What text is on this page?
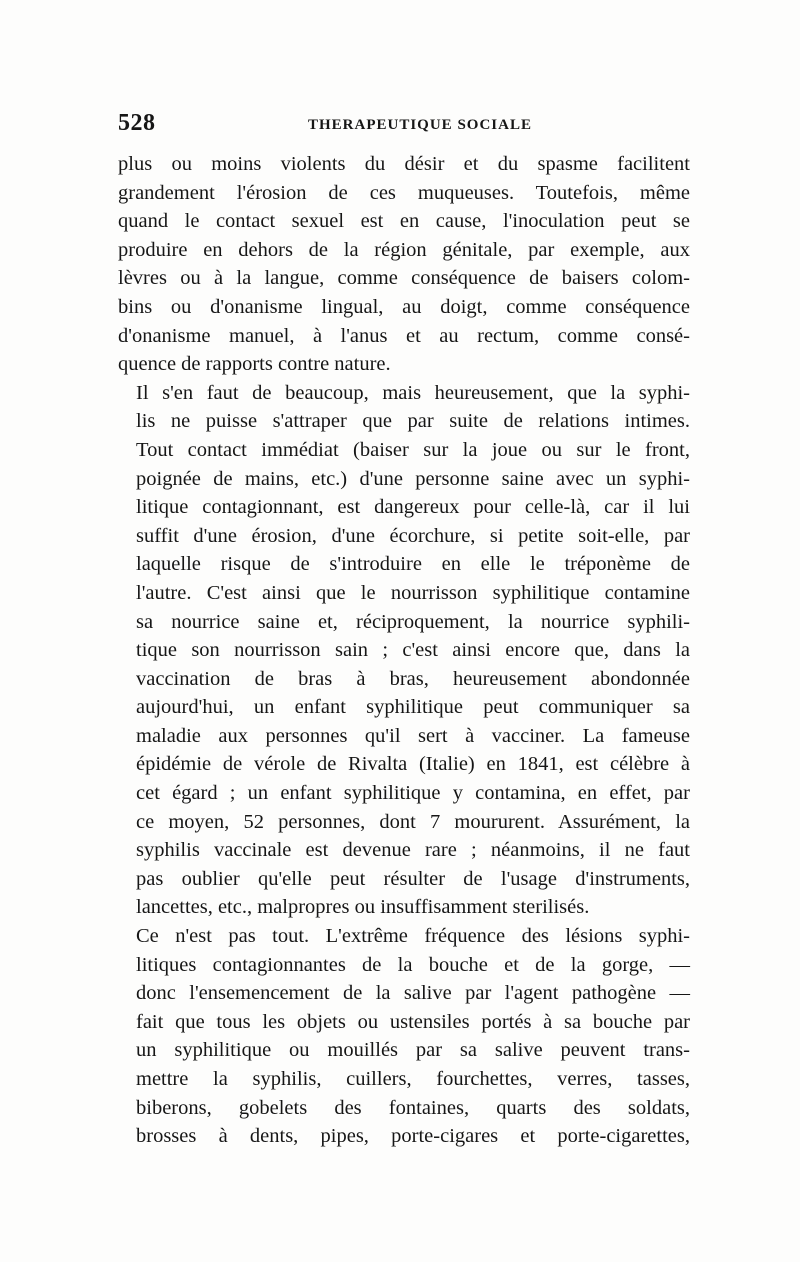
528	THERAPEUTIQUE SOCIALE

plus ou moins violents du désir et du spasme facilitent
grandement l'érosion de ces muqueuses. Toutefois, même
quand le contact sexuel est en cause, l'inoculation peut se
produire en dehors de la région génitale, par exemple, aux
lèvres ou à la langue, comme conséquence de baisers colom-
bins ou d'onanisme lingual, au doigt, comme conséquence
d'onanisme manuel, à l'anus et au rectum, comme consé-
quence de rapports contre nature.

Il s'en faut de beaucoup, mais heureusement, que la syphi-
lis ne puisse s'attraper que par suite de relations intimes.
Tout contact immédiat (baiser sur la joue ou sur le front,
poignée de mains, etc.) d'une personne saine avec un syphi-
litique contagionnant, est dangereux pour celle-là, car il lui
suffit d'une érosion, d'une écorchure, si petite soit-elle, par
laquelle risque de s'introduire en elle le tréponème de
l'autre. C'est ainsi que le nourrisson syphilitique contamine
sa nourrice saine et, réciproquement, la nourrice syphili-
tique son nourrisson sain ; c'est ainsi encore que, dans la
vaccination de bras à bras, heureusement abondonnée
aujourd'hui, un enfant syphilitique peut communiquer sa
maladie aux personnes qu'il sert à vacciner. La fameuse
épidémie de vérole de Rivalta (Italie) en 1841, est célèbre à
cet égard ; un enfant syphilitique y contamina, en effet, par
ce moyen, 52 personnes, dont 7 moururent. Assurément, la
syphilis vaccinale est devenue rare ; néanmoins, il ne faut
pas oublier qu'elle peut résulter de l'usage d'instruments,
lancettes, etc., malpropres ou insuffisamment sterilisés.

Ce n'est pas tout. L'extrême fréquence des lésions syphi-
litiques contagionnantes de la bouche et de la gorge, —
donc l'ensemencement de la salive par l'agent pathogène —
fait que tous les objets ou ustensiles portés à sa bouche par
un syphilitique ou mouillés par sa salive peuvent trans-
mettre la syphilis, cuillers, fourchettes, verres, tasses,
biberons, gobelets des fontaines, quarts des soldats,
brosses à dents, pipes, porte-cigares et porte-cigarettes,
